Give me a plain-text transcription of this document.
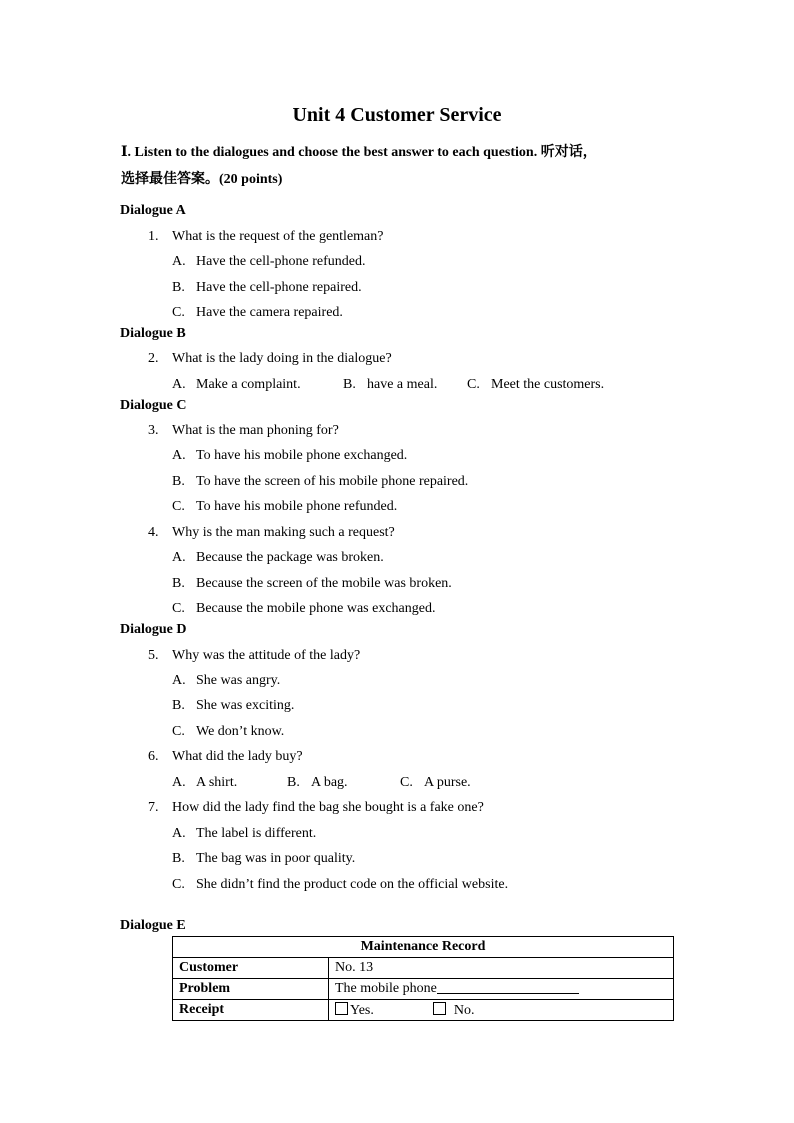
Unit 4 Customer Service
Ⅰ. Listen to the dialogues and choose the best answer to each question. 听对话，
选择最佳答案。(20 points)
Dialogue A
1. What is the request of the gentleman?
A. Have the cell-phone refunded.
B. Have the cell-phone repaired.
C. Have the camera repaired.
Dialogue B
2. What is the lady doing in the dialogue?
A. Make a complaint.	B. have a meal. C. Meet the customers.
Dialogue C
3. What is the man phoning for?
A. To have his mobile phone exchanged.
B. To have the screen of his mobile phone repaired.
C. To have his mobile phone refunded.
4. Why is the man making such a request?
A. Because the package was broken.
B. Because the screen of the mobile was broken.
C. Because the mobile phone was exchanged.
Dialogue D
5. Why was the attitude of the lady?
A. She was angry.
B. She was exciting.
C. We don’t know.
6. What did the lady buy?
A. A shirt.	B. A bag.	C. A purse.
7. How did the lady find the bag she bought is a fake one?
A. The label is different.
B. The bag was in poor quality.
C. She didn’t find the product code on the official website.
Dialogue E
Maintenance Record	
Customer	No. 13
Problem	The mobile phone
Receipt	Yes. No.
